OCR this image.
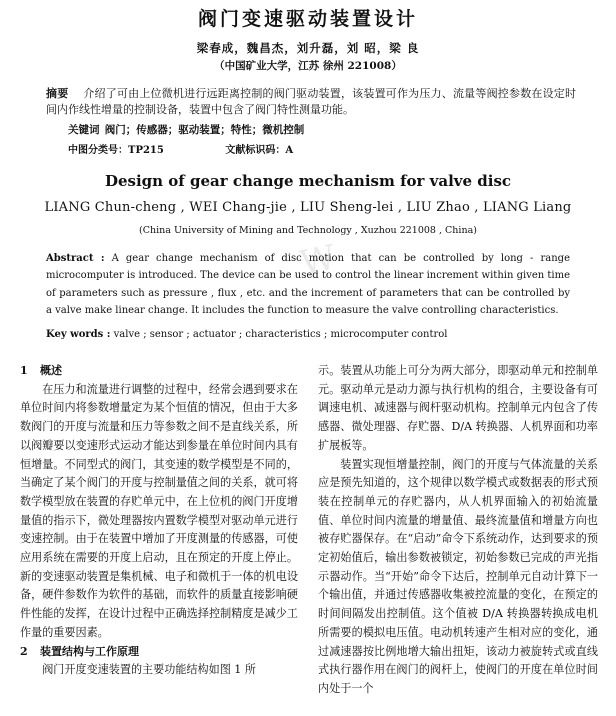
W
阀门变速驱动装置设计
梁春成，魏昌杰，刘升磊，刘 昭，梁 良
（中国矿业大学，江苏 徐州 221008）
摘要   介绍了可由上位微机进行远距离控制的阀门驱动装置，该装置可作为压力、流量等阀控参数在设定时间内作线性增量的控制设备，装置中包含了阀门特性测量功能。
关键词  阀门；传感器；驱动装置；特性；微机控制
中图分类号：TP215	文献标识码：A
Design of gear change mechanism for valve disc
LIANG Chun-cheng , WEI Chang-jie , LIU Sheng-lei , LIU Zhao , LIANG Liang
(China University of Mining and Technology , Xuzhou 221008 , China)
Abstract : A gear change mechanism of disc motion that can be controlled by long - range microcomputer is introduced. The device can be used to control the linear increment within given time of parameters such as pressure , flux , etc. and the increment of parameters that can be controlled by a valve make linear change. It includes the function to measure the valve controlling characteristics.
Key words : valve ; sensor ; actuator ; characteristics ; microcomputer control
1 概述

在压力和流量进行调整的过程中，经常会遇到要求在单位时间内将参数增量定为某个恒值的情况，但由于大多数阀门的开度与流量和压力等参数之间不是直线关系，所以阀瓣要以变速形式运动才能达到参量在单位时间内具有恒增量。不同型式的阀门，其变速的数学模型是不同的，当确定了某个阀门的开度与控制量值之间的关系，就可将数学模型放在装置的存贮单元中，在上位机的阀门开度增量值的指示下，微处理器按内置数学模型对驱动单元进行变速控制。由于在装置中增加了开度测量的传感器，可使应用系统在需要的开度上启动，且在预定的开度上停止。新的变速驱动装置是集机械、电子和微机于一体的机电设备，硬件参数作为软件的基础，而软件的质量直接影响硬件性能的发挥，在设计过程中正确选择控制精度是减少工作量的重要因素。

2 装置结构与工作原理

阀门开度变速装置的主要功能结构如图 1 所

示。装置从功能上可分为两大部分，即驱动单元和控制单元。驱动单元是动力源与执行机构的组合，主要设备有可调速电机、减速器与阀杆驱动机构。控制单元内包含了传感器、微处理器、存贮器、D/A 转换器、人机界面和功率扩展板等。

装置实现恒增量控制，阀门的开度与气体流量的关系应是预先知道的，这个规律以数学模式或数据表的形式预装在控制单元的存贮器内，从人机界面输入的初始流量值、单位时间内流量的增量值、最终流量值和增量方向也被存贮器保存。在“启动”命令下系统动作，达到要求的预定初始值后，输出参数被锁定，初始参数已完成的声光指示器动作。当“开始”命令下达后，控制单元自动计算下一个输出值，并通过传感器收集被控流量的变化，在预定的时间间隔发出控制值。这个值被 D/A 转换器转换成电机所需要的模拟电压值。电动机转速产生相对应的变化，通过减速器按比例地增大输出扭矩，该动力被旋转式或直线式执行器作用在阀门的阀杆上，使阀门的开度在单位时间内处于一个
